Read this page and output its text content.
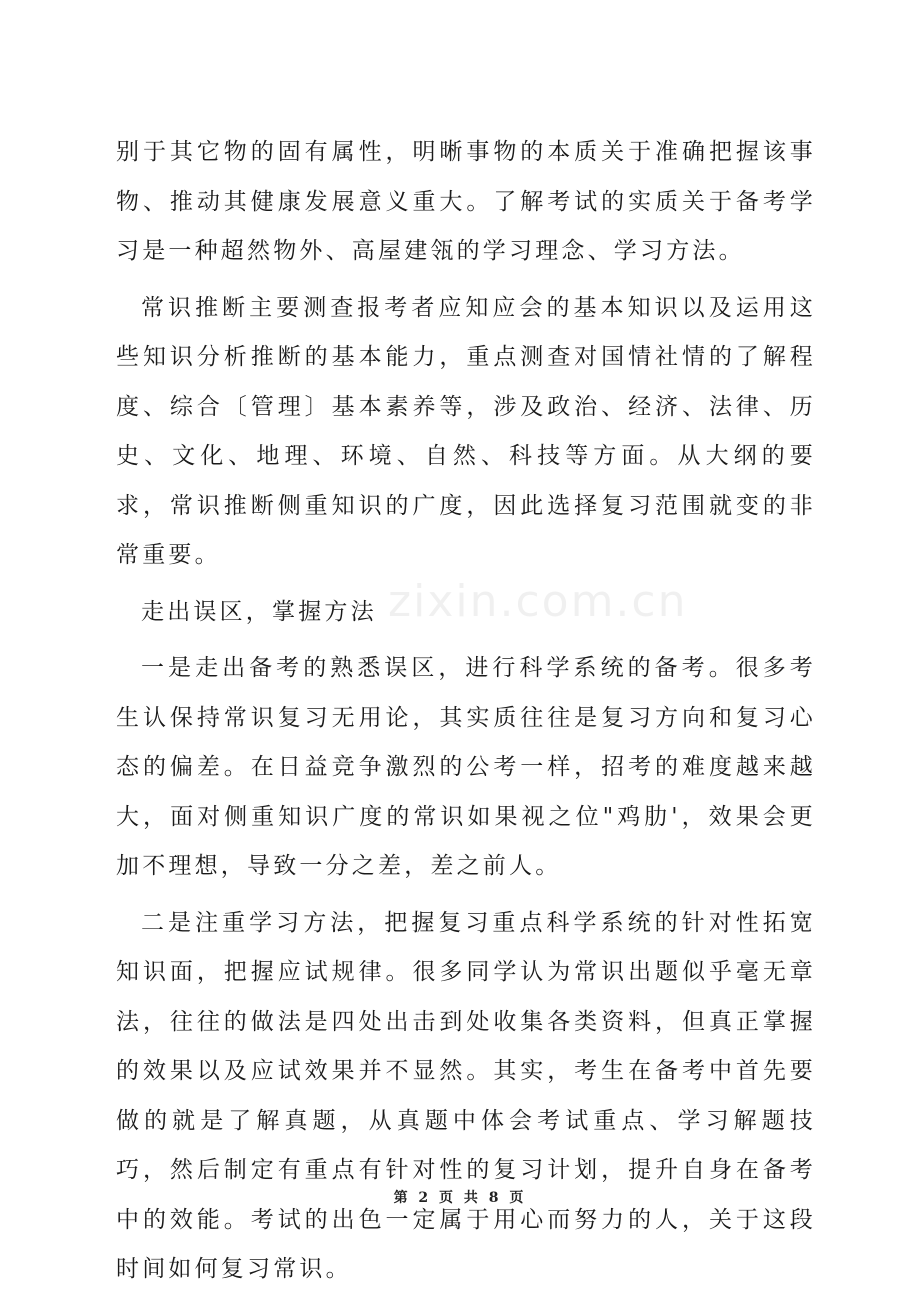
别于其它物的固有属性，明晰事物的本质关于准确把握该事物、推动其健康发展意义重大。了解考试的实质关于备考学习是一种超然物外、高屋建瓴的学习理念、学习方法。

常识推断主要测查报考者应知应会的基本知识以及运用这些知识分析推断的基本能力，重点测查对国情社情的了解程度、综合〔管理〕基本素养等，涉及政治、经济、法律、历史、文化、地理、环境、自然、科技等方面。从大纲的要求，常识推断侧重知识的广度，因此选择复习范围就变的非常重要。

走出误区，掌握方法

一是走出备考的熟悉误区，进行科学系统的备考。很多考生认保持常识复习无用论，其实质往往是复习方向和复习心态的偏差。在日益竞争激烈的公考一样，招考的难度越来越大，面对侧重知识广度的常识如果视之位"鸡肋'，效果会更加不理想，导致一分之差，差之前人。

二是注重学习方法，把握复习重点科学系统的针对性拓宽知识面，把握应试规律。很多同学认为常识出题似乎毫无章法，往往的做法是四处出击到处收集各类资料，但真正掌握的效果以及应试效果并不显然。其实，考生在备考中首先要做的就是了解真题，从真题中体会考试重点、学习解题技巧，然后制定有重点有针对性的复习计划，提升自身在备考中的效能。考试的出色一定属于用心而努力的人，关于这段时间如何复习常识。

zixin.com.cn
第 2 页 共 8 页
